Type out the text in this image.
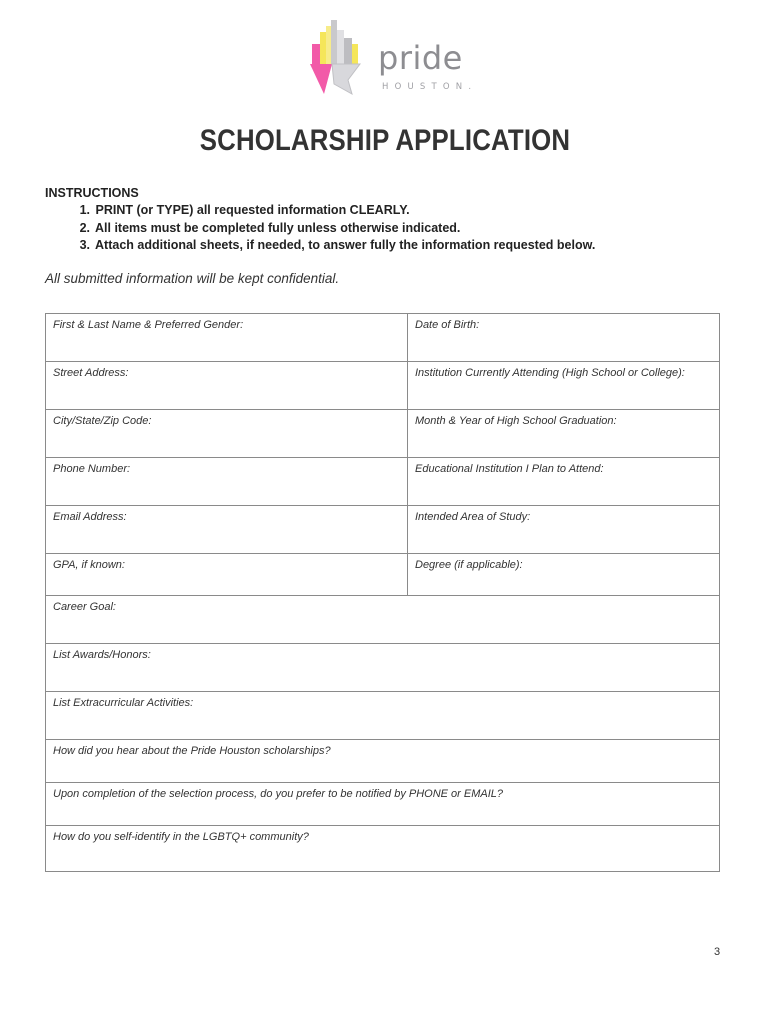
pride
HOUSTON.
SCHOLARSHIP APPLICATION
INSTRUCTIONS
1. PRINT (or TYPE) all requested information CLEARLY.
2. All items must be completed fully unless otherwise indicated.
3. Attach additional sheets, if needed, to answer fully the information requested below.
All submitted information will be kept confidential.
First & Last Name & Preferred Gender:	Date of Birth:
Street Address:	Institution Currently Attending (High School or College):
City/State/Zip Code:	Month & Year of High School Graduation:
Phone Number:	Educational Institution I Plan to Attend:
Email Address:	Intended Area of Study:
GPA, if known:	Degree (if applicable):
Career Goal:
List Awards/Honors:
List Extracurricular Activities:
How did you hear about the Pride Houston scholarships?
Upon completion of the selection process, do you prefer to be notified by PHONE or EMAIL?
How do you self-identify in the LGBTQ+ community?
3
